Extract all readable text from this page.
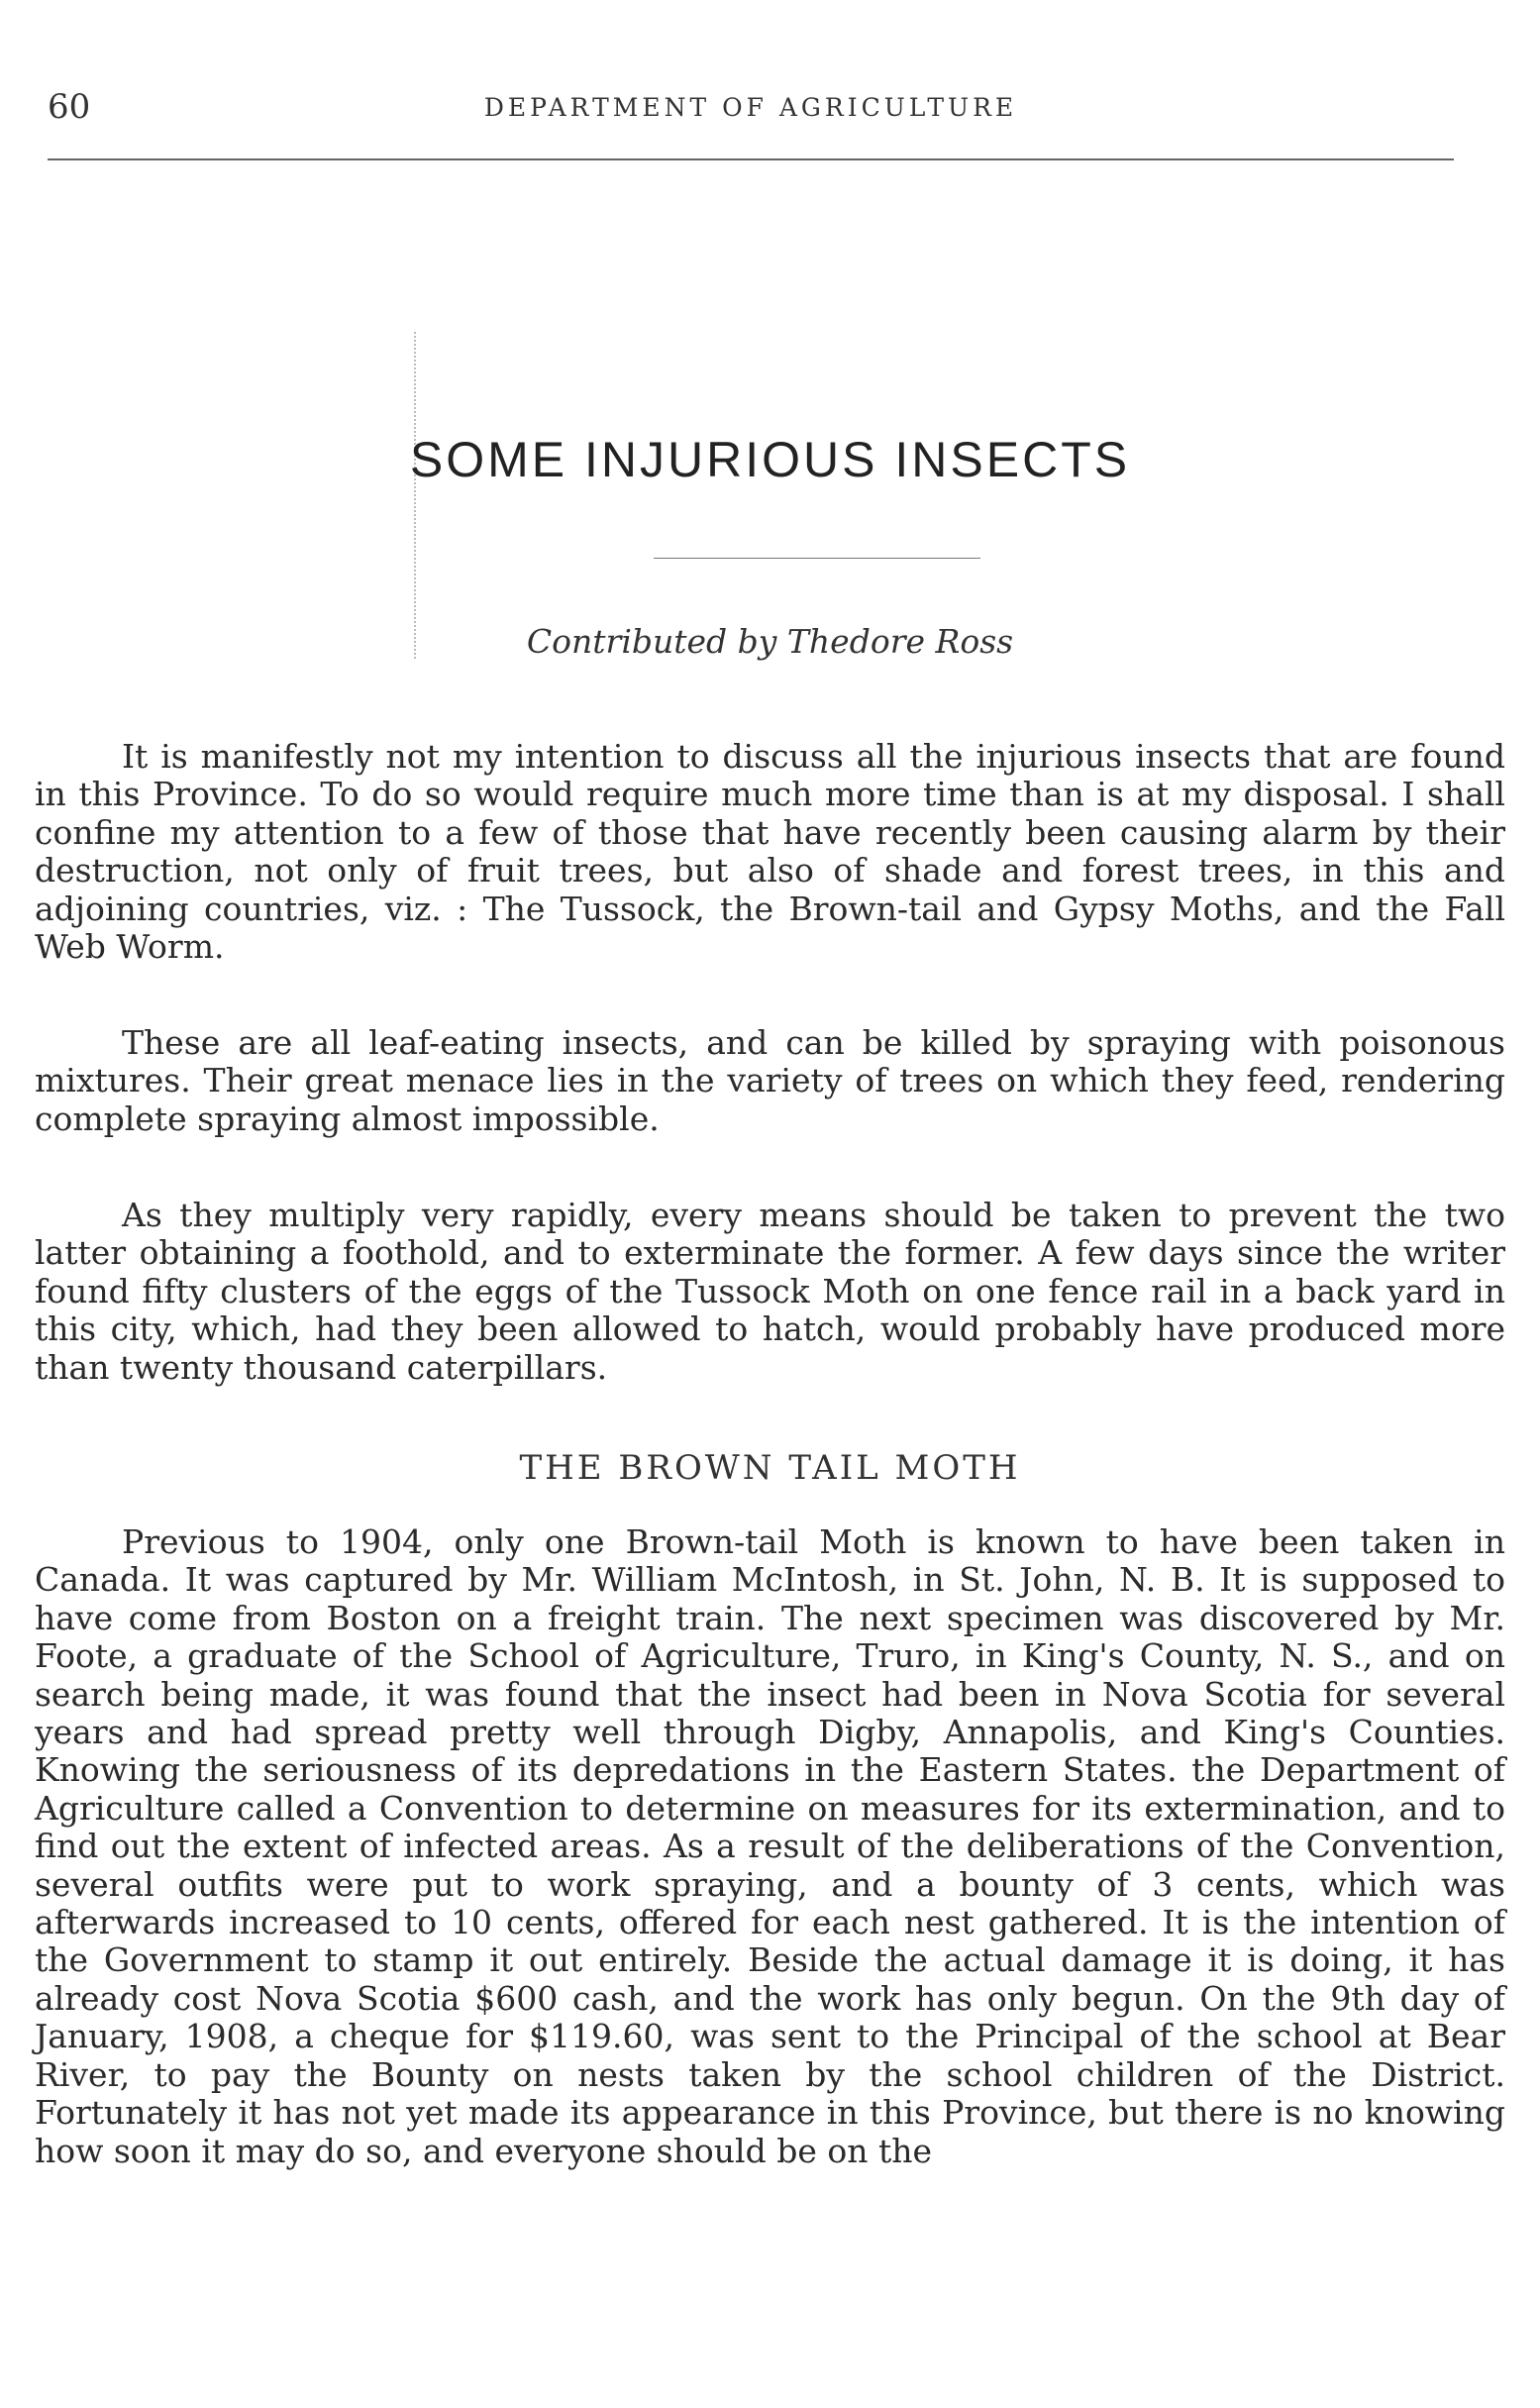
60	DEPARTMENT OF AGRICULTURE
SOME INJURIOUS INSECTS

Contributed by Thedore Ross

It is manifestly not my intention to discuss all the injurious insects that are found in this Province. To do so would require much more time than is at my disposal. I shall confine my attention to a few of those that have recently been causing alarm by their destruction, not only of fruit trees, but also of shade and forest trees, in this and adjoining countries, viz. : The Tussock, the Brown-tail and Gypsy Moths, and the Fall Web Worm.

These are all leaf-eating insects, and can be killed by spraying with poisonous mixtures. Their great menace lies in the variety of trees on which they feed, rendering complete spraying almost impossible.

As they multiply very rapidly, every means should be taken to prevent the two latter obtaining a foothold, and to exterminate the former. A few days since the writer found fifty clusters of the eggs of the Tussock Moth on one fence rail in a back yard in this city, which, had they been allowed to hatch, would probably have produced more than twenty thousand caterpillars.

THE BROWN TAIL MOTH

Previous to 1904, only one Brown-tail Moth is known to have been taken in Canada. It was captured by Mr. William McIntosh, in St. John, N. B. It is supposed to have come from Boston on a freight train. The next specimen was discovered by Mr. Foote, a graduate of the School of Agriculture, Truro, in King's County, N. S., and on search being made, it was found that the insect had been in Nova Scotia for several years and had spread pretty well through Digby, Annapolis, and King's Counties. Knowing the seriousness of its depredations in the Eastern States. the Department of Agriculture called a Convention to determine on measures for its extermination, and to find out the extent of infected areas. As a result of the deliberations of the Convention, several outfits were put to work spraying, and a bounty of 3 cents, which was afterwards increased to 10 cents, offered for each nest gathered. It is the intention of the Government to stamp it out entirely. Beside the actual damage it is doing, it has already cost Nova Scotia $600 cash, and the work has only begun. On the 9th day of January, 1908, a cheque for $119.60, was sent to the Principal of the school at Bear River, to pay the Bounty on nests taken by the school children of the District. Fortunately it has not yet made its appearance in this Province, but there is no knowing how soon it may do so, and everyone should be on the
